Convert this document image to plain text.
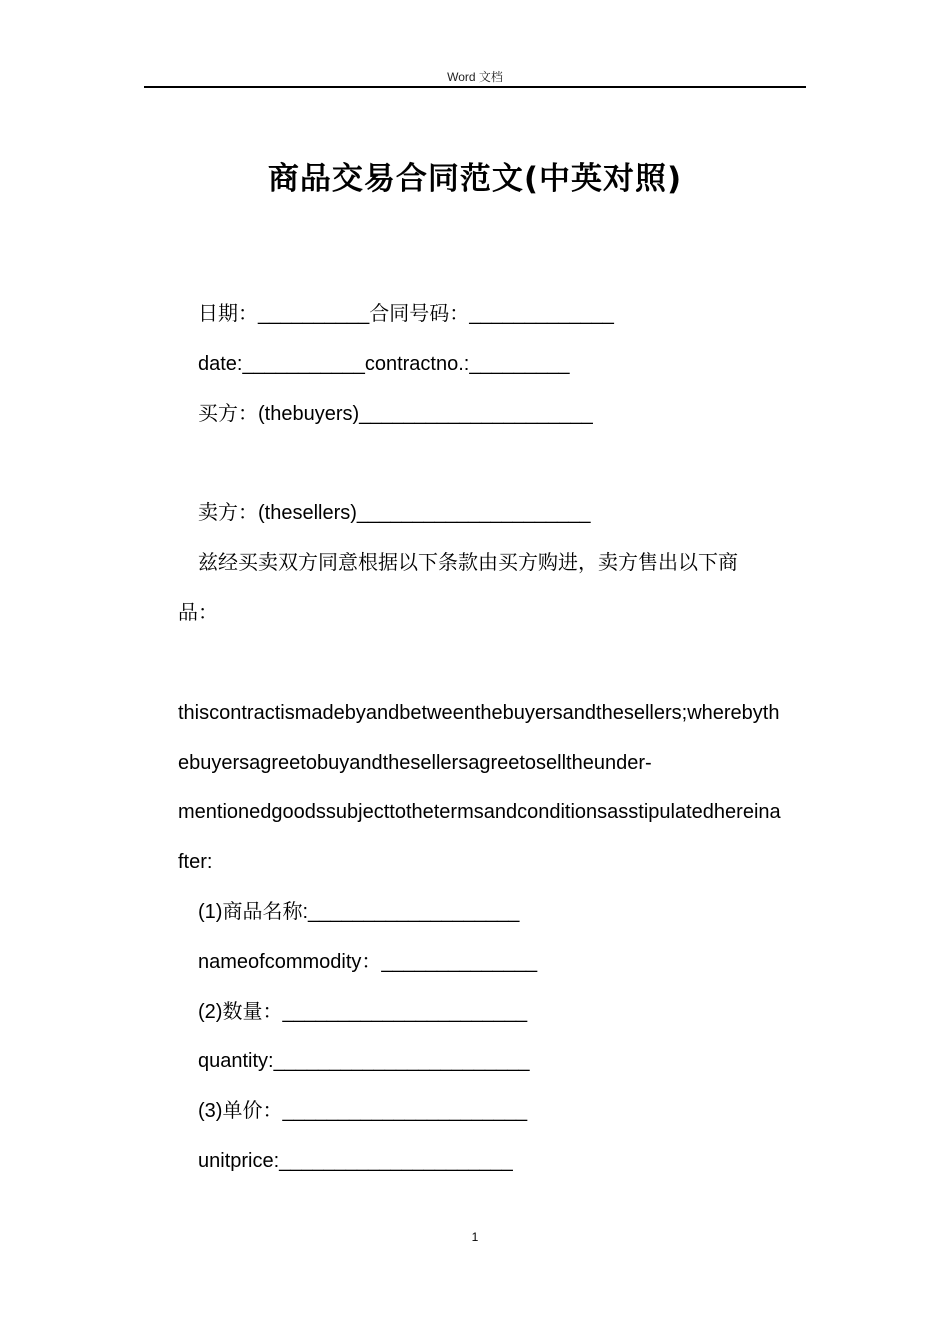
Word 文档
商品交易合同范文(中英对照)
日期：__________合同号码：_____________
date:___________contractno.:_________
买方：(thebuyers)_____________________
卖方：(thesellers)_____________________
兹经买卖双方同意根据以下条款由买方购进，卖方售出以下商
品：
thiscontractismadebyandbetweenthebuyersandthesellers;wherebyth
ebuyersagreetobuyandthesellersagreetoselltheunder-
mentionedgoodssubjecttothetermsandconditionsasstipulatedhereina
fter:
(1)商品名称:___________________
nameofcommodity：______________
(2)数量：______________________
quantity:_______________________
(3)单价：______________________
unitprice:_____________________
1
